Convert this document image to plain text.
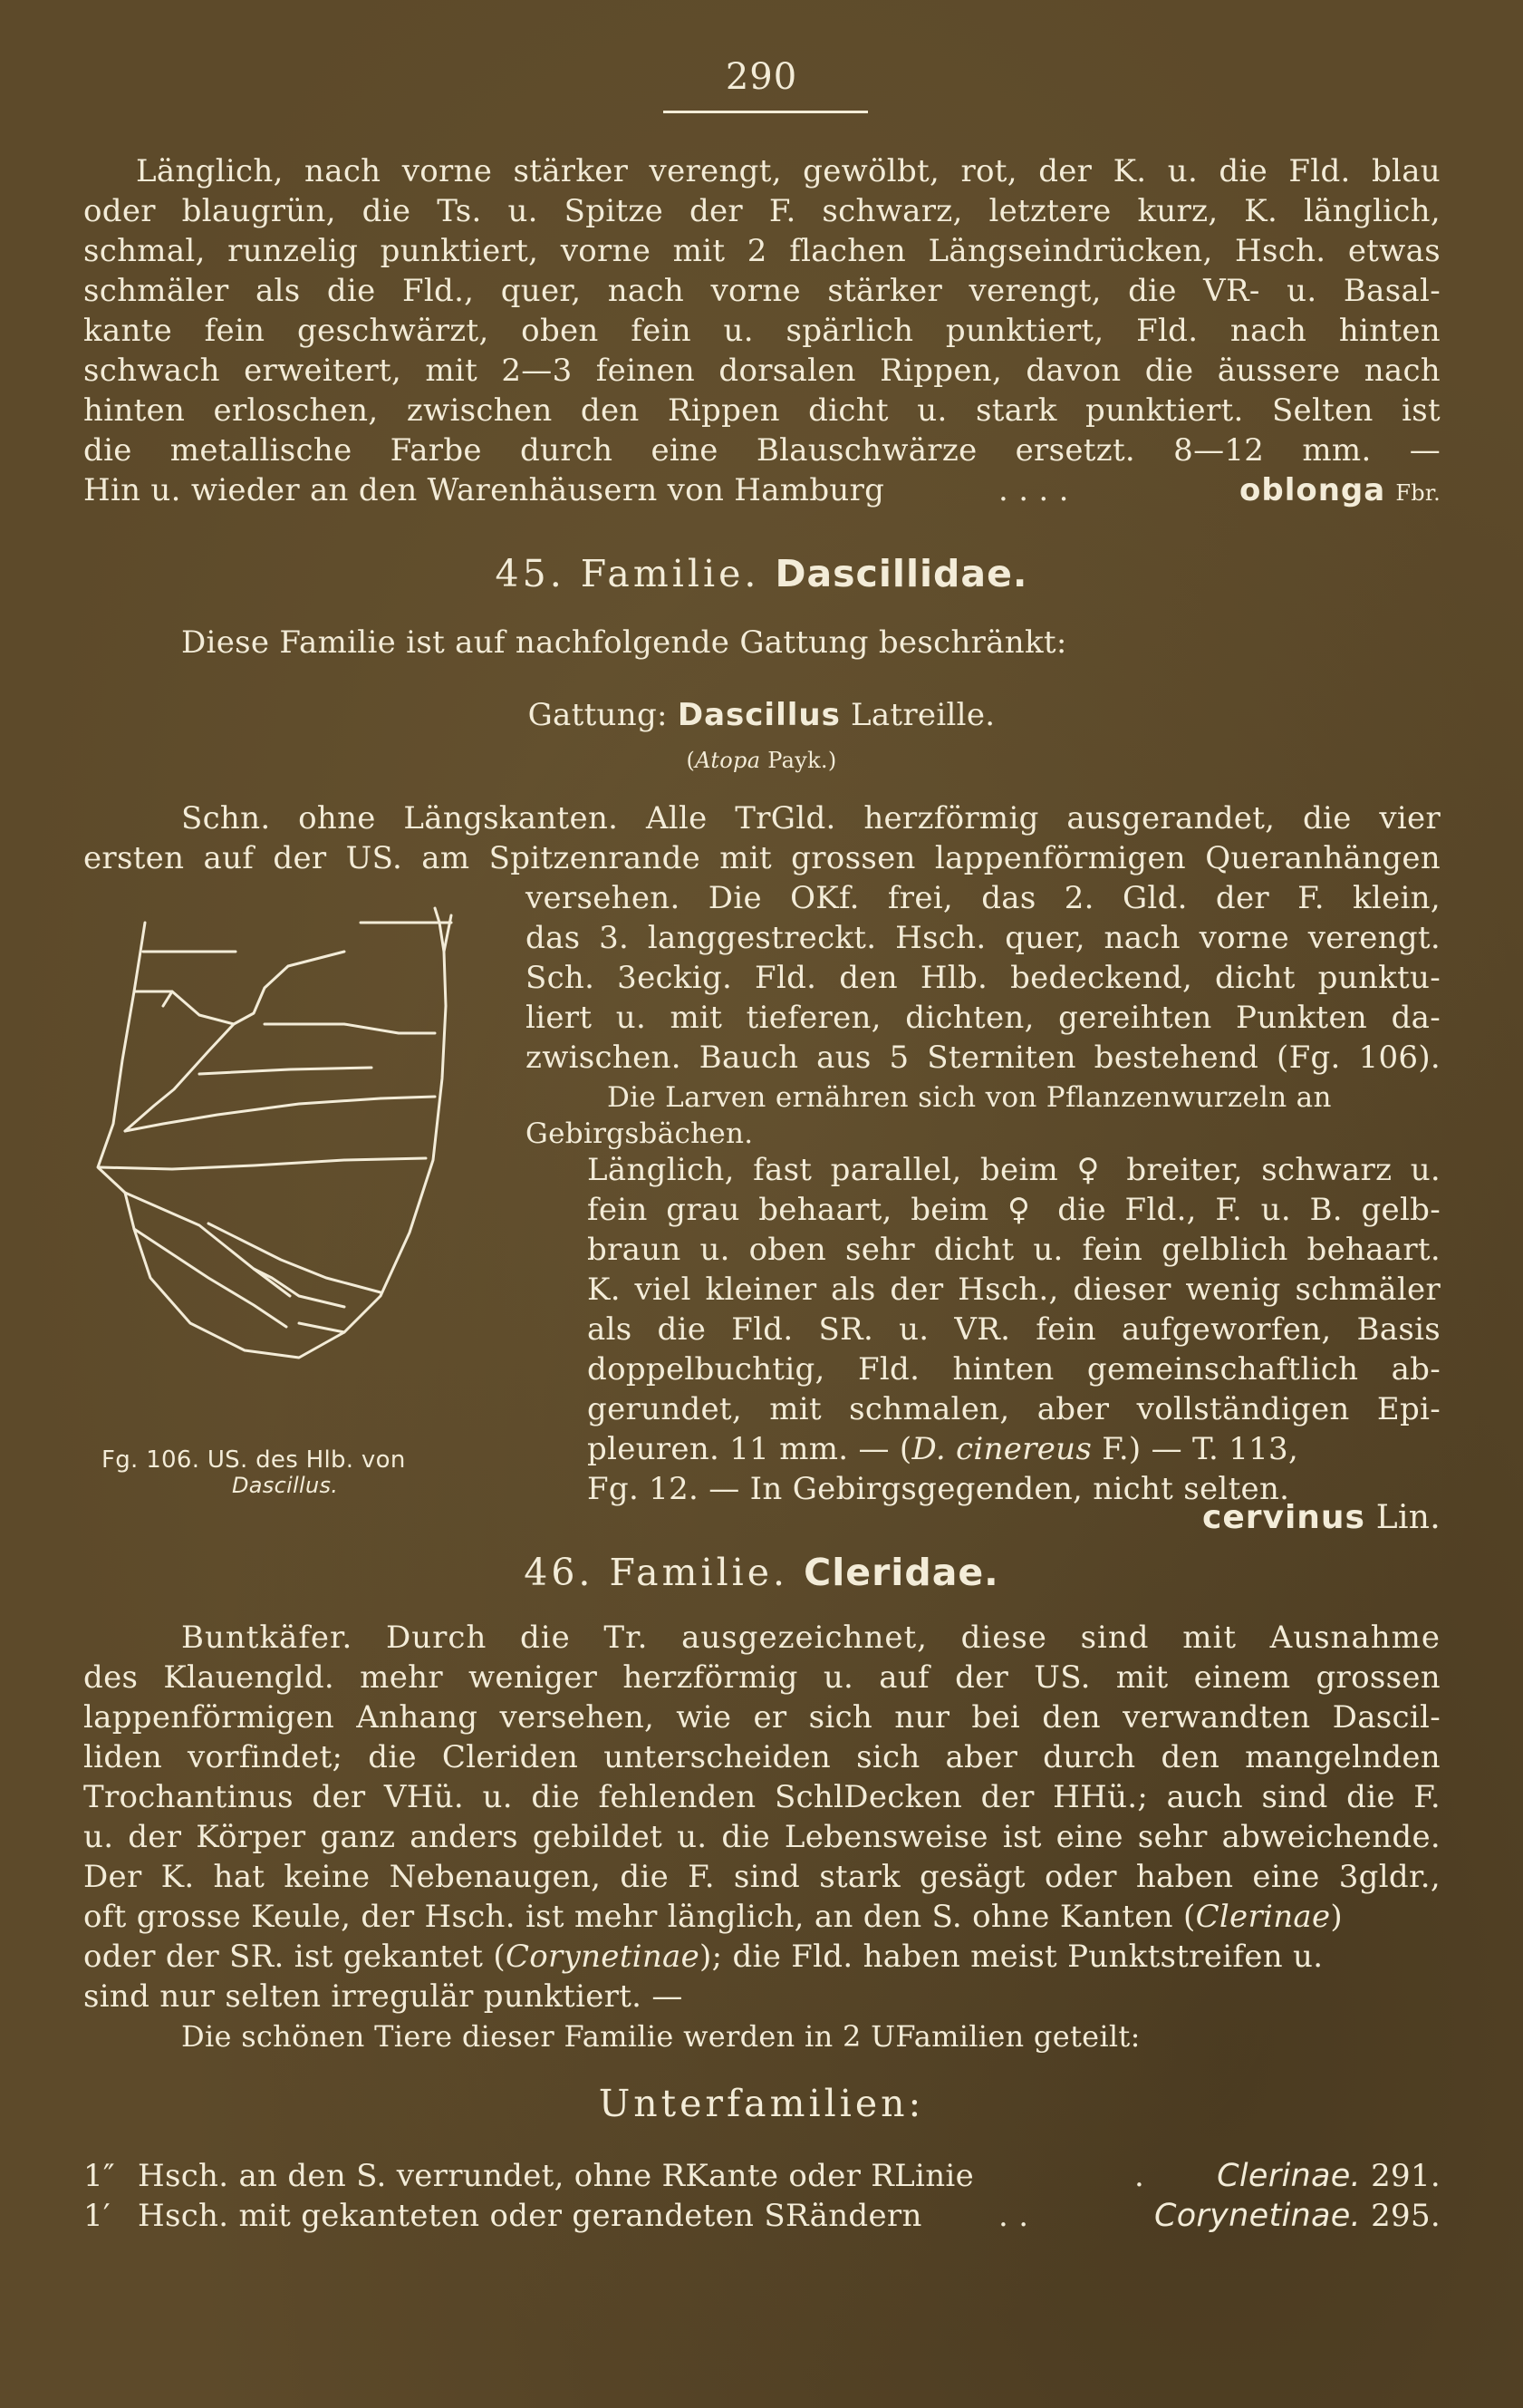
290
Länglich, nach vorne stärker verengt, gewölbt, rot, der K. u. die Fld. blau
oder blaugrün, die Ts. u. Spitze der F. schwarz, letztere kurz, K. länglich,
schmal, runzelig punktiert, vorne mit 2 flachen Längseindrücken, Hsch. etwas
schmäler als die Fld., quer, nach vorne stärker verengt, die VR- u. Basal-
kante fein geschwärzt, oben fein u. spärlich punktiert, Fld. nach hinten
schwach erweitert, mit 2—3 feinen dorsalen Rippen, davon die äussere nach
hinten erloschen, zwischen den Rippen dicht u. stark punktiert. Selten ist
die metallische Farbe durch eine Blauschwärze ersetzt. 8—12 mm. —
Hin u. wieder an den Warenhäusern von Hamburg	. . . .	oblonga Fbr.
45. Familie. Dascillidae.
Diese Familie ist auf nachfolgende Gattung beschränkt:
Gattung: Dascillus Latreille.
(Atopa Payk.)
Schn. ohne Längskanten. Alle TrGld. herzförmig ausgerandet, die vier
ersten auf der US. am Spitzenrande mit grossen lappenförmigen Queranhängen
versehen. Die OKf. frei, das 2. Gld. der F. klein,
das 3. langgestreckt. Hsch. quer, nach vorne verengt.
Sch. 3eckig. Fld. den Hlb. bedeckend, dicht punktu-
liert u. mit tieferen, dichten, gereihten Punkten da-
zwischen. Bauch aus 5 Sterniten bestehend (Fg. 106).
Die Larven ernähren sich von Pflanzenwurzeln an
Gebirgsbächen.
Länglich, fast parallel, beim ♀ breiter, schwarz u.
fein grau behaart, beim ♀ die Fld., F. u. B. gelb-
braun u. oben sehr dicht u. fein gelblich behaart.
K. viel kleiner als der Hsch., dieser wenig schmäler
als die Fld. SR. u. VR. fein aufgeworfen, Basis
doppelbuchtig, Fld. hinten gemeinschaftlich ab-
gerundet, mit schmalen, aber vollständigen Epi-
pleuren. 11 mm. — (D. cinereus F.) — T. 113,
Fg. 12. — In Gebirgsgegenden, nicht selten.
cervinus Lin.
Fg. 106. US. des Hlb. von
Dascillus.
46. Familie. Cleridae.
Buntkäfer. Durch die Tr. ausgezeichnet, diese sind mit Ausnahme
des Klauengld. mehr weniger herzförmig u. auf der US. mit einem grossen
lappenförmigen Anhang versehen, wie er sich nur bei den verwandten Dascil-
liden vorfindet; die Cleriden unterscheiden sich aber durch den mangelnden
Trochantinus der VHü. u. die fehlenden SchlDecken der HHü.; auch sind die F.
u. der Körper ganz anders gebildet u. die Lebensweise ist eine sehr abweichende.
Der K. hat keine Nebenaugen, die F. sind stark gesägt oder haben eine 3gldr.,
oft grosse Keule, der Hsch. ist mehr länglich, an den S. ohne Kanten (Clerinae)
oder der SR. ist gekantet (Corynetinae); die Fld. haben meist Punktstreifen u.
sind nur selten irregulär punktiert. —
Die schönen Tiere dieser Familie werden in 2 UFamilien geteilt:
Unterfamilien:
1″ Hsch. an den S. verrundet, ohne RKante oder RLinie	. Clerinae. 291.
1′ Hsch. mit gekanteten oder gerandeten SRändern . .	Corynetinae. 295.
